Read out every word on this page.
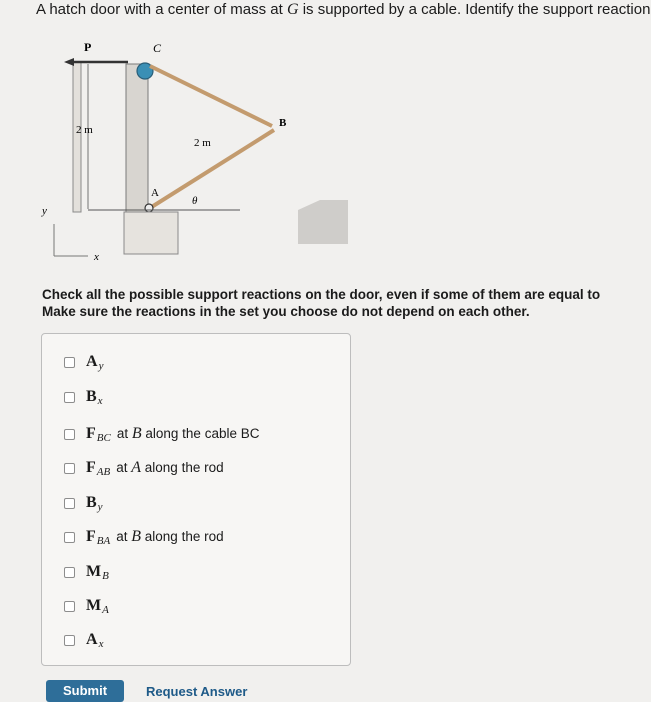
A hatch door with a center of mass at G is supported by a cable. Identify the support reaction
P
2 m
C
B
2 m
A
θ
y
x
Check all the possible support reactions on the door, even if some of them are equal to
Make sure the reactions in the set you choose do not depend on each other.
A y
B x
F BC at B along the cable BC
F AB at A along the rod
B y
F BA at B along the rod
M B
M A
A x
Submit	Request Answer
